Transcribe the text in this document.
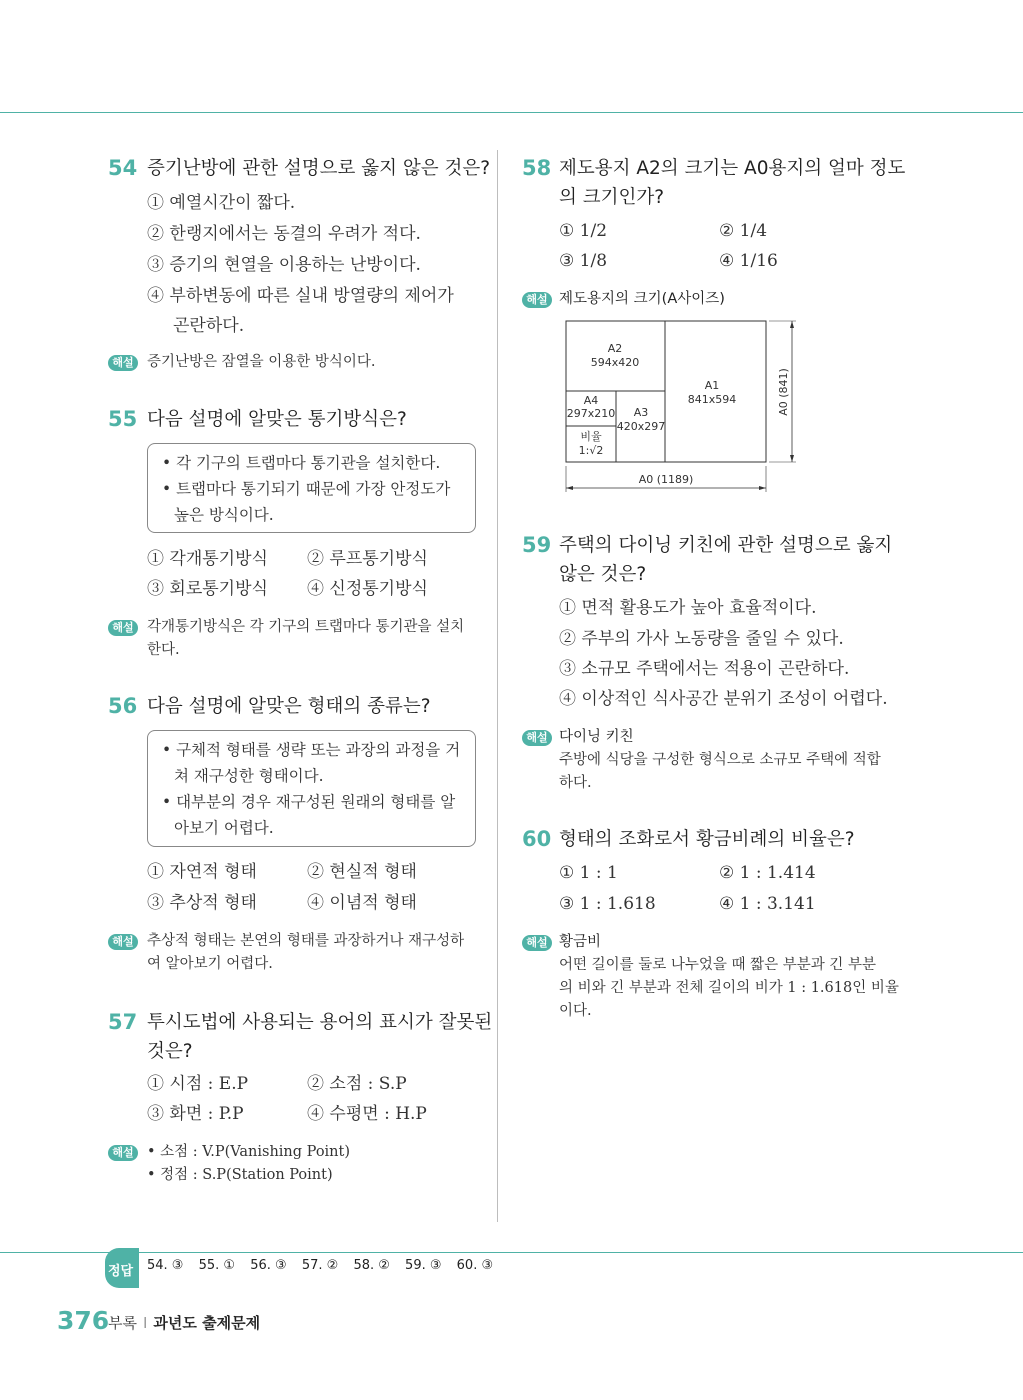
54 증기난방에 관한 설명으로 옳지 않은 것은?
① 예열시간이 짧다.
② 한랭지에서는 동결의 우려가 적다.
③ 증기의 현열을 이용하는 난방이다.
④ 부하변동에 따른 실내 방열량의 제어가
곤란하다.
해설 증기난방은 잠열을 이용한 방식이다.
55 다음 설명에 알맞은 통기방식은?
• 각 기구의 트랩마다 통기관을 설치한다.
• 트랩마다 통기되기 때문에 가장 안정도가 높은 방식이다.
① 각개통기방식 ② 루프통기방식
③ 회로통기방식 ④ 신정통기방식
해설 각개통기방식은 각 기구의 트랩마다 통기관을 설치
한다.
56 다음 설명에 알맞은 형태의 종류는?
• 구체적 형태를 생략 또는 과장의 과정을 거쳐 재구성한 형태이다.
• 대부분의 경우 재구성된 원래의 형태를 알아보기 어렵다.
① 자연적 형태	② 현실적 형태
③ 추상적 형태	④ 이념적 형태
해설 추상적 형태는 본연의 형태를 과장하거나 재구성하
여 알아보기 어렵다.
57 투시도법에 사용되는 용어의 표시가 잘못된
것은?
① 시점 : E.P	② 소점 : S.P
③ 화면 : P.P	④ 수평면 : H.P
해설 • 소점 : V.P(Vanishing Point)
• 정점 : S.P(Station Point)
58 제도용지 A2의 크기는 A0용지의 얼마 정도
의 크기인가?
① 1/2	② 1/4
③ 1/8	④ 1/16
해설 제도용지의 크기(A사이즈)
A2
594x420
A1
841x594
A4
297x210 A3
420x297
비율
1:√2
A0 (1189)
A0 (841)
59 주택의 다이닝 키친에 관한 설명으로 옳지
않은 것은?
① 면적 활용도가 높아 효율적이다.
② 주부의 가사 노동량을 줄일 수 있다.
③ 소규모 주택에서는 적용이 곤란하다.
④ 이상적인 식사공간 분위기 조성이 어렵다.
해설 다이닝 키친
주방에 식당을 구성한 형식으로 소규모 주택에 적합
하다.
60 형태의 조화로서 황금비례의 비율은?
① 1 : 1	② 1 : 1.414
③ 1 : 1.618	④ 1 : 3.141
해설 황금비
어떤 길이를 둘로 나누었을 때 짧은 부분과 긴 부분
의 비와 긴 부분과 전체 길이의 비가 1 : 1.618인 비율
이다.
정답 54. ③ 55. ① 56. ③ 57. ② 58. ② 59. ③ 60. ③
376
부록 I 과년도 출제문제
